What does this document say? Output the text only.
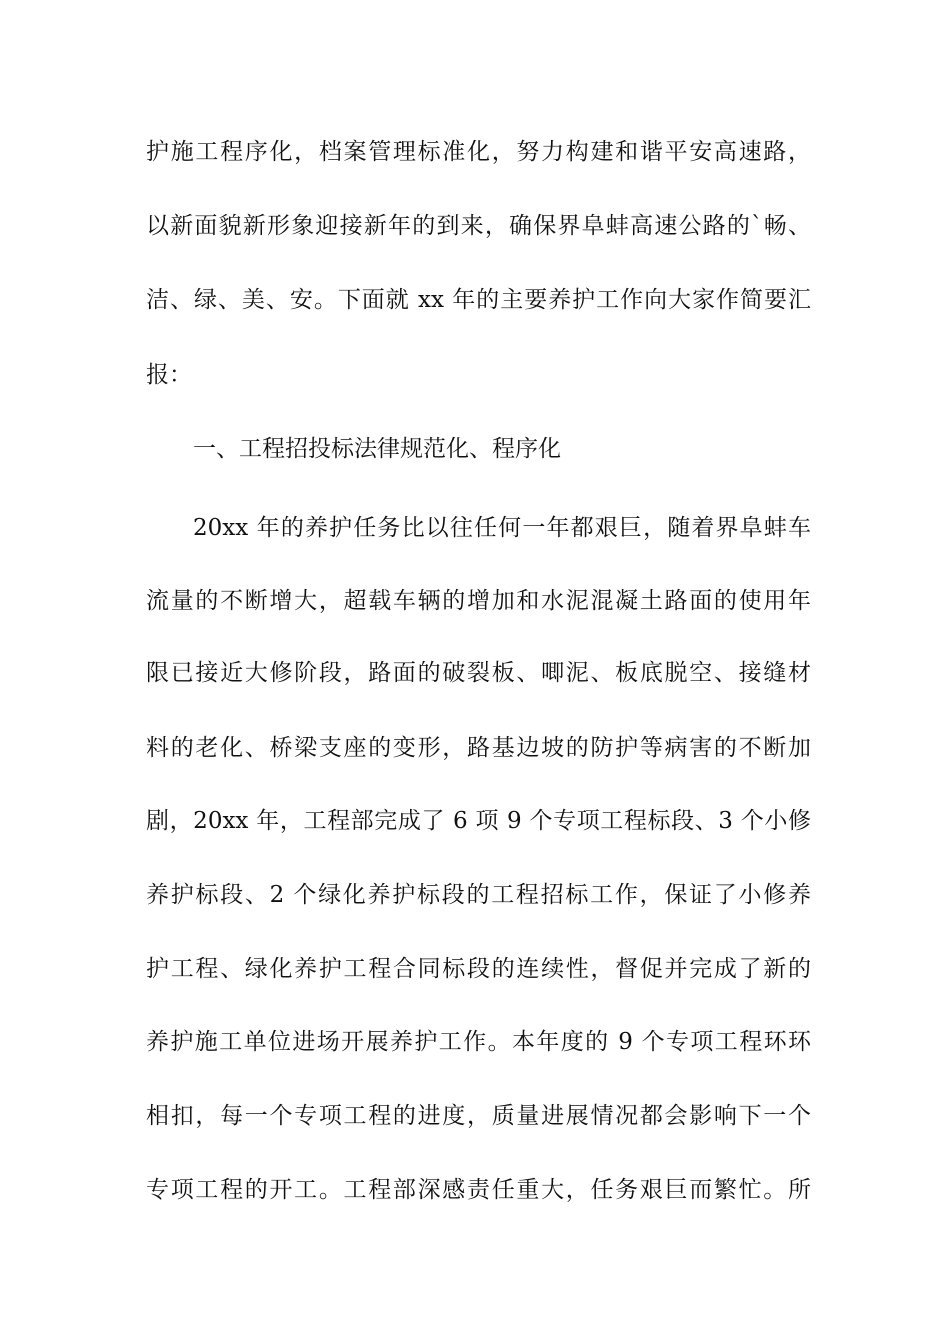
护施工程序化，档案管理标准化，努力构建和谐平安高速路，
以新面貌新形象迎接新年的到来，确保界阜蚌高速公路的`畅、
洁、绿、美、安。下面就 xx 年的主要养护工作向大家作简要汇
报：
一、工程招投标法律规范化、程序化
20xx 年的养护任务比以往任何一年都艰巨，随着界阜蚌车
流量的不断增大，超载车辆的增加和水泥混凝土路面的使用年
限已接近大修阶段，路面的破裂板、唧泥、板底脱空、接缝材
料的老化、桥梁支座的变形，路基边坡的防护等病害的不断加
剧，20xx 年，工程部完成了 6 项 9 个专项工程标段、3 个小修
养护标段、2 个绿化养护标段的工程招标工作，保证了小修养
护工程、绿化养护工程合同标段的连续性，督促并完成了新的
养护施工单位进场开展养护工作。本年度的 9 个专项工程环环
相扣，每一个专项工程的进度，质量进展情况都会影响下一个
专项工程的开工。工程部深感责任重大，任务艰巨而繁忙。所
